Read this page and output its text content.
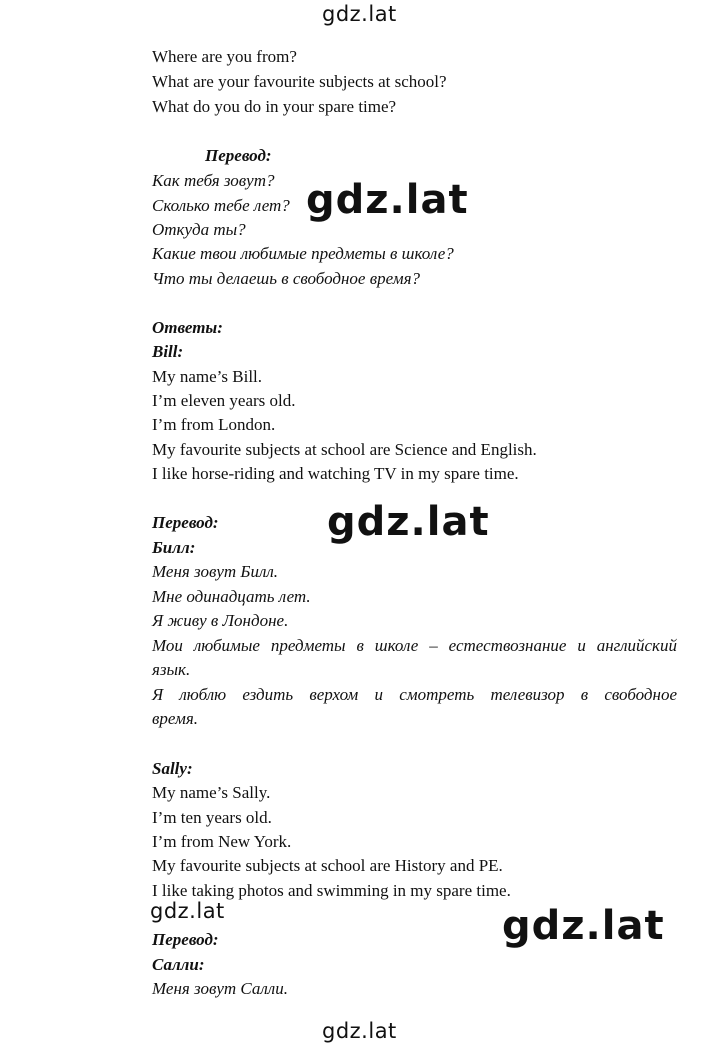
gdz.lat
gdz.lat
gdz.lat
gdz.lat	gdz.lat
gdz.lat
Where are you from?
What are your favourite subjects at school?
What do you do in your spare time?
Перевод:
Как тебя зовут?
Сколько тебе лет?
Откуда ты?
Какие твои любимые предметы в школе?
Что ты делаешь в свободное время?
Ответы:
Bill:
My name’s Bill.
I’m eleven years old.
I’m from London.
My favourite subjects at school are Science and English.
I like horse-riding and watching TV in my spare time.
Перевод:
Билл:
Меня зовут Билл.
Мне одинадцать лет.
Я живу в Лондоне.
Мои любимые предметы в школе – естествознание и английский
язык.
Я люблю ездить верхом и смотреть телевизор в свободное
время.
Sally:
My name’s Sally.
I’m ten years old.
I’m from New York.
My favourite subjects at school are History and PE.
I like taking photos and swimming in my spare time.
Перевод:
Салли:
Меня зовут Салли.
